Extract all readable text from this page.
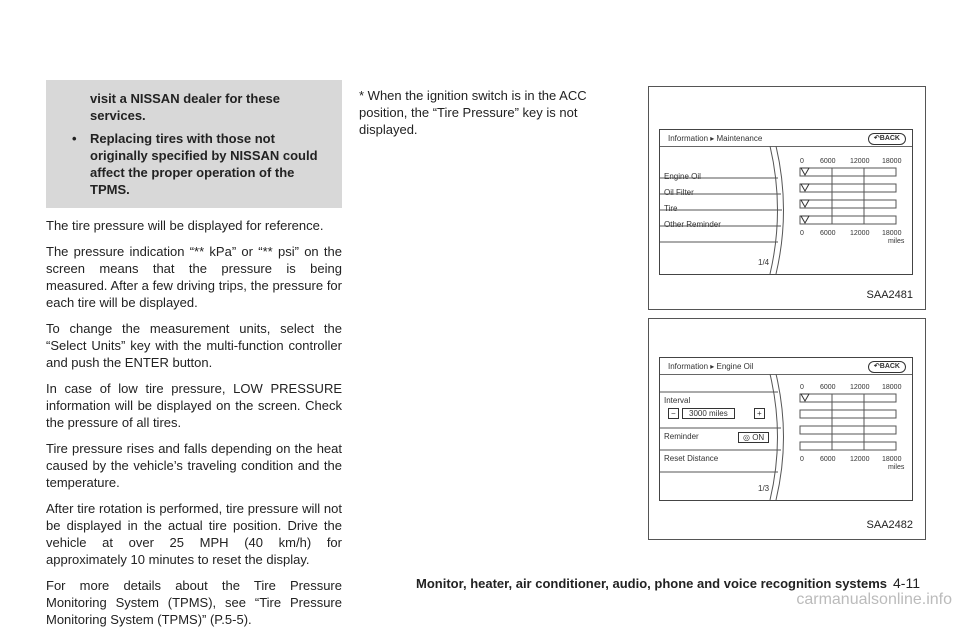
visit a NISSAN dealer for these services.
•	Replacing tires with those not originally specified by NISSAN could affect the proper operation of the TPMS.

The tire pressure will be displayed for reference.

The pressure indication “** kPa” or “** psi” on the screen means that the pressure is being measured. After a few driving trips, the pressure for each tire will be displayed.

To change the measurement units, select the “Select Units” key with the multi-function controller and push the ENTER button.

In case of low tire pressure, LOW PRESSURE information will be displayed on the screen. Check the pressure of all tires.

Tire pressure rises and falls depending on the heat caused by the vehicle’s traveling condition and the temperature.

After tire rotation is performed, tire pressure will not be displayed in the actual tire position. Drive the vehicle at over 25 MPH (40 km/h) for approximately 10 minutes to reset the display.

For more details about the Tire Pressure Monitoring System (TPMS), see “Tire Pressure Monitoring System (TPMS)” (P.5-5).

* When the ignition switch is in the ACC position, the “Tire Pressure” key is not displayed.
Information ▸ Maintenance	↶BACK
Engine Oil
Oil Filter
Tire
Other Reminder
0 6000 12000 18000
0 6000 12000 18000
miles
1/4
SAA2481
Information ▸ Engine Oil	↶BACK
Interval
−	3000 miles	+
Reminder	◎ ON
Reset Distance
0 6000 12000 18000
0 6000 12000 18000
miles
1/3
SAA2482
Monitor, heater, air conditioner, audio, phone and voice recognition systems 4-11
carmanualsonline.info
